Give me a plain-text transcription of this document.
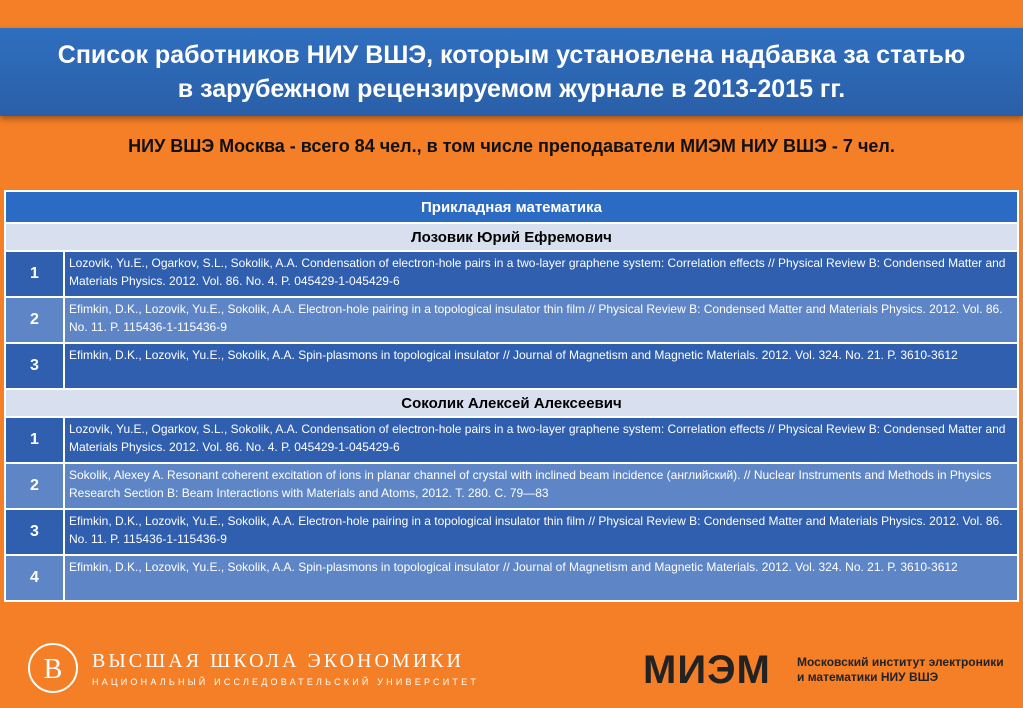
Список работников НИУ ВШЭ, которым установлена надбавка за статью
в зарубежном рецензируемом журнале в 2013-2015 гг.
НИУ ВШЭ Москва - всего 84 чел., в том числе преподаватели МИЭМ НИУ ВШЭ - 7 чел.
Прикладная математика	
Лозовик Юрий Ефремович	
1	Lozovik, Yu.E., Ogarkov, S.L., Sokolik, A.A. Condensation of electron-hole pairs in a two-layer graphene system: Correlation effects // Physical Review B: Condensed Matter and Materials Physics. 2012. Vol. 86. No. 4. P. 045429-1-045429-6
2	Efimkin, D.K., Lozovik, Yu.E., Sokolik, A.A. Electron-hole pairing in a topological insulator thin film // Physical Review B: Condensed Matter and Materials Physics. 2012. Vol. 86. No. 11. P. 115436-1-115436-9
3	Efimkin, D.K., Lozovik, Yu.E., Sokolik, A.A. Spin-plasmons in topological insulator // Journal of Magnetism and Magnetic Materials. 2012. Vol. 324. No. 21. P. 3610-3612
Соколик Алексей Алексеевич	
1	Lozovik, Yu.E., Ogarkov, S.L., Sokolik, A.A. Condensation of electron-hole pairs in a two-layer graphene system: Correlation effects // Physical Review B: Condensed Matter and Materials Physics. 2012. Vol. 86. No. 4. P. 045429-1-045429-6
2	Sokolik, Alexey A. Resonant coherent excitation of ions in planar channel of crystal with inclined beam incidence (английский). // Nuclear Instruments and Methods in Physics Research Section B: Beam Interactions with Materials and Atoms, 2012. Т. 280. С. 79—83
3	Efimkin, D.K., Lozovik, Yu.E., Sokolik, A.A. Electron-hole pairing in a topological insulator thin film // Physical Review B: Condensed Matter and Materials Physics. 2012. Vol. 86. No. 11. P. 115436-1-115436-9
4	Efimkin, D.K., Lozovik, Yu.E., Sokolik, A.A. Spin-plasmons in topological insulator // Journal of Magnetism and Magnetic Materials. 2012. Vol. 324. No. 21. P. 3610-3612
B ВЫСШАЯ ШКОЛА ЭКОНОМИКИ
НАЦИОНАЛЬНЫЙ ИССЛЕДОВАТЕЛЬСКИЙ УНИВЕРСИТЕТ	МИЭМ Московский институт электроники
и математики НИУ ВШЭ
